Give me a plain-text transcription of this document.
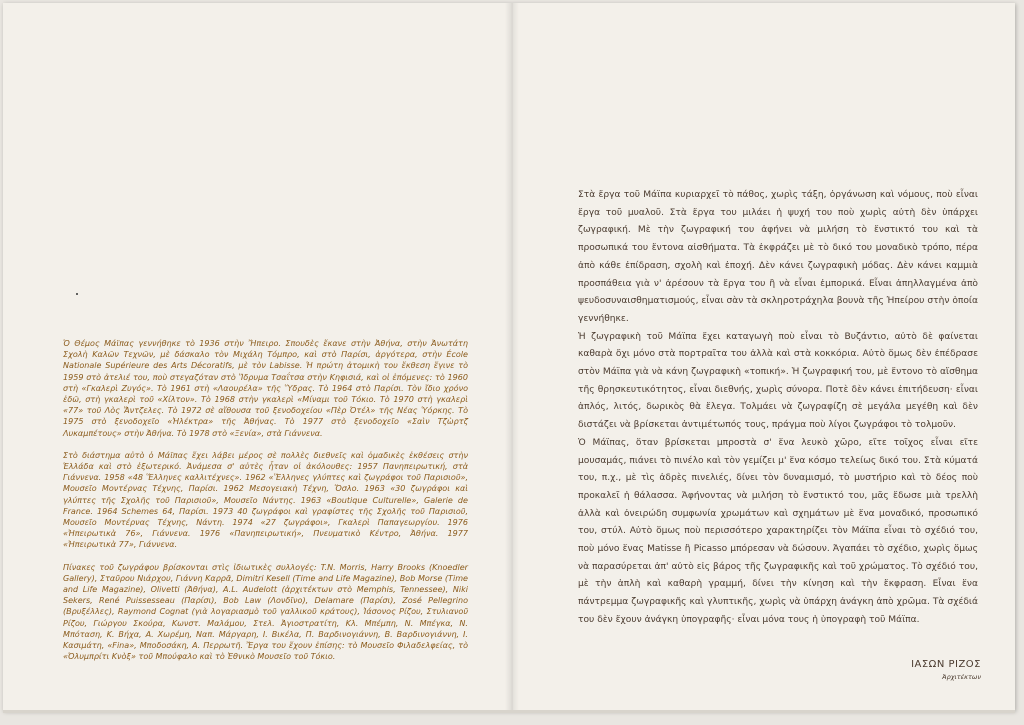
Ὁ Θέμος Μάϊπας γεννήθηκε τὸ 1936 στὴν Ἤπειρο. Σπουδὲς ἔκανε στὴν Ἀθήνα, στὴν Ἀνωτάτη Σχολὴ Καλῶν Τεχνῶν, μὲ δάσκαλο τὸν Μιχάλη Τόμπρο, καὶ στὸ Παρίσι, ἀργότερα, στὴν École Nationale Supérieure des Arts Décoratifs, μὲ τὸν Labisse. Ἡ πρώτη ἀτομικὴ του ἔκθεση ἔγινε τὸ 1959 στὸ ἀτελιέ του, ποὺ στεγαζόταν στὸ Ἵδρυμα Τσαΐτσα στὴν Κηφισιά, καὶ οἱ ἑπόμενες: τὸ 1960 στὴ «Γκαλερὶ Ζυγός». Τὸ 1961 στὴ «Λαουρέλα» τῆς Ὕδρας. Τὸ 1964 στὸ Παρίσι. Τὸν ἴδιο χρόνο ἐδῶ, στὴ γκαλερὶ τοῦ «Χίλτον». Τὸ 1968 στὴν γκαλερὶ «Μίναμι τοῦ Τόκιο. Τὸ 1970 στὴ γκαλερὶ «77» τοῦ Λὸς Ἄντζελες. Τὸ 1972 σὲ αἴθουσα τοῦ ξενοδοχείου «Πὲρ Ὀτέλ» τῆς Νέας Ὑόρκης. Τὸ 1975 στὸ ξενοδοχεῖο «Ἠλέκτρα» τῆς Ἀθήνας. Τὸ 1977 στὸ ξενοδοχεῖο «Σαὶν Τζὼρτζ Λυκαμπέτους» στὴν Ἀθήνα. Τὸ 1978 στὸ «Ξενία», στὰ Γιάννενα.

Στὸ διάστημα αὐτὸ ὁ Μάϊπας ἔχει λάβει μέρος σὲ πολλὲς διεθνεῖς καὶ ὁμαδικὲς ἐκθέσεις στὴν Ἑλλάδα καὶ στὸ ἐξωτερικό. Ἀνάμεσα σ' αὐτὲς ἦταν οἱ ἀκόλουθες: 1957 Πανηπειρωτική, στὰ Γιάννενα. 1958 «48 Ἕλληνες καλλιτέχνες». 1962 «Ἕλληνες γλύπτες καὶ ζωγράφοι τοῦ Παρισιοῦ», Μουσεῖο Μοντέρνας Τέχνης, Παρίσι. 1962 Μεσογειακὴ Τέχνη, Ὄσλο. 1963 «30 ζωγράφοι καὶ γλύπτες τῆς Σχολῆς τοῦ Παρισιοῦ», Μουσεῖο Νάντης. 1963 «Boutique Culturelle», Galerie de France. 1964 Schemes 64, Παρίσι. 1973 40 ζωγράφοι καὶ γραφίστες τῆς Σχολῆς τοῦ Παρισιοῦ, Μουσεῖο Μοντέρνας Τέχνης, Νάντη. 1974 «27 ζωγράφοι», Γκαλερὶ Παπαγεωργίου. 1976 «Ἠπειρωτικὰ 76», Γιάννενα. 1976 «Πανηπειρωτική», Πνευματικὸ Κέντρο, Ἀθήνα. 1977 «Ἠπειρωτικὰ 77», Γιάννενα.

Πίνακες τοῦ ζωγράφου βρίσκονται στὶς ἰδιωτικὲς συλλογές: T.N. Morris, Harry Brooks (Knoedler Gallery), Σταῦρου Νιάρχου, Γιάννη Καρρᾶ, Dimitri Kesell (Time and Life Magazine), Bob Morse (Time and Life Magazine), Olivetti (Ἀθήνα), A.L. Audelott (ἀρχιτέκτων στὸ Memphis, Tennessee), Niki Sekers, René Puissesseau (Παρίσι), Bob Law (Λονδῖνο), Delamare (Παρίσι), Zosé Pellegrino (Βρυξέλλες), Raymond Cognat (γιὰ λογαριασμὸ τοῦ γαλλικοῦ κράτους), Ἰάσονος Ρίζου, Στυλιανοῦ Ρίζου, Γιώργου Σκούρα, Κωνστ. Μαλάμου, Στελ. Ἀγιοστρατίτη, Κλ. Μπέμπη, Ν. Μπέγκα, Ν. Μπόταση, Κ. Βήχα, Α. Χωρέμη, Ναπ. Μάργαρη, Ι. Βικέλα, Π. Βαρδινογιάννη, Β. Βαρδινογιάννη, Ι. Κασιμάτη, «Fina», Μποδοσάκη, Α. Περρωτῆ. Ἔργα του ἔχουν ἐπίσης: τὸ Μουσεῖο Φιλαδελφείας, τὸ «Ὀλυμπρίτι Κνὸξ» τοῦ Μπούφαλο καὶ τὸ Ἐθνικὸ Μουσεῖο τοῦ Τόκιο.

Στὰ ἔργα τοῦ Μάϊπα κυριαρχεῖ τὸ πάθος, χωρὶς τάξη, ὀργάνωση καὶ νόμους, ποὺ εἶναι ἔργα τοῦ μυαλοῦ. Στὰ ἔργα του μιλάει ἡ ψυχή του ποὺ χωρὶς αὐτὴ δὲν ὑπάρχει ζωγραφική. Μὲ τὴν ζωγραφική του ἀφήνει νὰ μιλήση τὸ ἔνστικτό του καὶ τὰ προσωπικά του ἔντονα αἰσθήματα. Τὰ ἐκφράζει μὲ τὸ δικό του μοναδικὸ τρόπο, πέρα ἀπὸ κάθε ἐπίδραση, σχολὴ καὶ ἐποχή. Δὲν κάνει ζωγραφικὴ μόδας. Δὲν κάνει καμμιὰ προσπάθεια γιὰ ν' ἀρέσουν τὰ ἔργα του ἢ νὰ εἶναι ἐμπορικά. Εἶναι ἀπηλλαγμένα ἀπὸ ψευδοσυναισθηματισμούς, εἶναι σὰν τὰ σκληροτράχηλα βουνὰ τῆς Ἠπείρου στὴν ὁποία γεννήθηκε.

Ἡ ζωγραφικὴ τοῦ Μάϊπα ἔχει καταγωγὴ ποὺ εἶναι τὸ Βυζάντιο, αὐτὸ δὲ φαίνεται καθαρὰ ὄχι μόνο στὰ πορτραῖτα του ἀλλὰ καὶ στὰ κοκκόρια. Αὐτὸ ὅμως δὲν ἐπέδρασε στὸν Μάϊπα γιὰ νὰ κάνη ζωγραφικὴ «τοπική». Ἡ ζωγραφική του, μὲ ἔντονο τὸ αἴσθημα τῆς θρησκευτικότητος, εἶναι διεθνής, χωρὶς σύνορα. Ποτὲ δὲν κάνει ἐπιτήδευση· εἶναι ἁπλός, λιτός, δωρικὸς θὰ ἔλεγα. Τολμάει νὰ ζωγραφίζη σὲ μεγάλα μεγέθη καὶ δὲν διστάζει νὰ βρίσκεται ἀντιμέτωπός τους, πράγμα ποὺ λίγοι ζωγράφοι τὸ τολμοῦν.

Ὁ Μάϊπας, ὅταν βρίσκεται μπροστὰ σ' ἕνα λευκὸ χῶρο, εἴτε τοῖχος εἶναι εἴτε μουσαμάς, πιάνει τὸ πινέλο καὶ τὸν γεμίζει μ' ἕνα κόσμο τελείως δικό του. Στὰ κύματά του, π.χ., μὲ τὶς ἀδρὲς πινελιές, δίνει τὸν δυναμισμό, τὸ μυστήριο καὶ τὸ δέος ποὺ προκαλεῖ ἡ θάλασσα. Ἀφήνοντας νὰ μιλήση τὸ ἔνστικτό του, μᾶς ἔδωσε μιὰ τρελλὴ ἀλλὰ καὶ ὀνειρώδη συμφωνία χρωμάτων καὶ σχημάτων μὲ ἕνα μοναδικό, προσωπικό του, στύλ. Αὐτὸ ὅμως ποὺ περισσότερο χαρακτηρίζει τὸν Μάϊπα εἶναι τὸ σχέδιό του, ποὺ μόνο ἕνας Matisse ἢ Picasso μπόρεσαν νὰ δώσουν. Ἀγαπάει τὸ σχέδιο, χωρὶς ὅμως νὰ παρασύρεται ἀπ' αὐτὸ εἰς βάρος τῆς ζωγραφικῆς καὶ τοῦ χρώματος. Τὸ σχέδιό του, μὲ τὴν ἁπλὴ καὶ καθαρὴ γραμμή, δίνει τὴν κίνηση καὶ τὴν ἔκφραση. Εἶναι ἕνα πάντρεμμα ζωγραφικῆς καὶ γλυπτικῆς, χωρὶς νὰ ὑπάρχη ἀνάγκη ἀπὸ χρῶμα. Τὰ σχέδιά του δὲν ἔχουν ἀνάγκη ὑπογραφῆς· εἶναι μόνα τους ἡ ὑπογραφὴ τοῦ Μάϊπα.

ΙΑΣΩΝ ΡΙΖΟΣ
Ἀρχιτέκτων
